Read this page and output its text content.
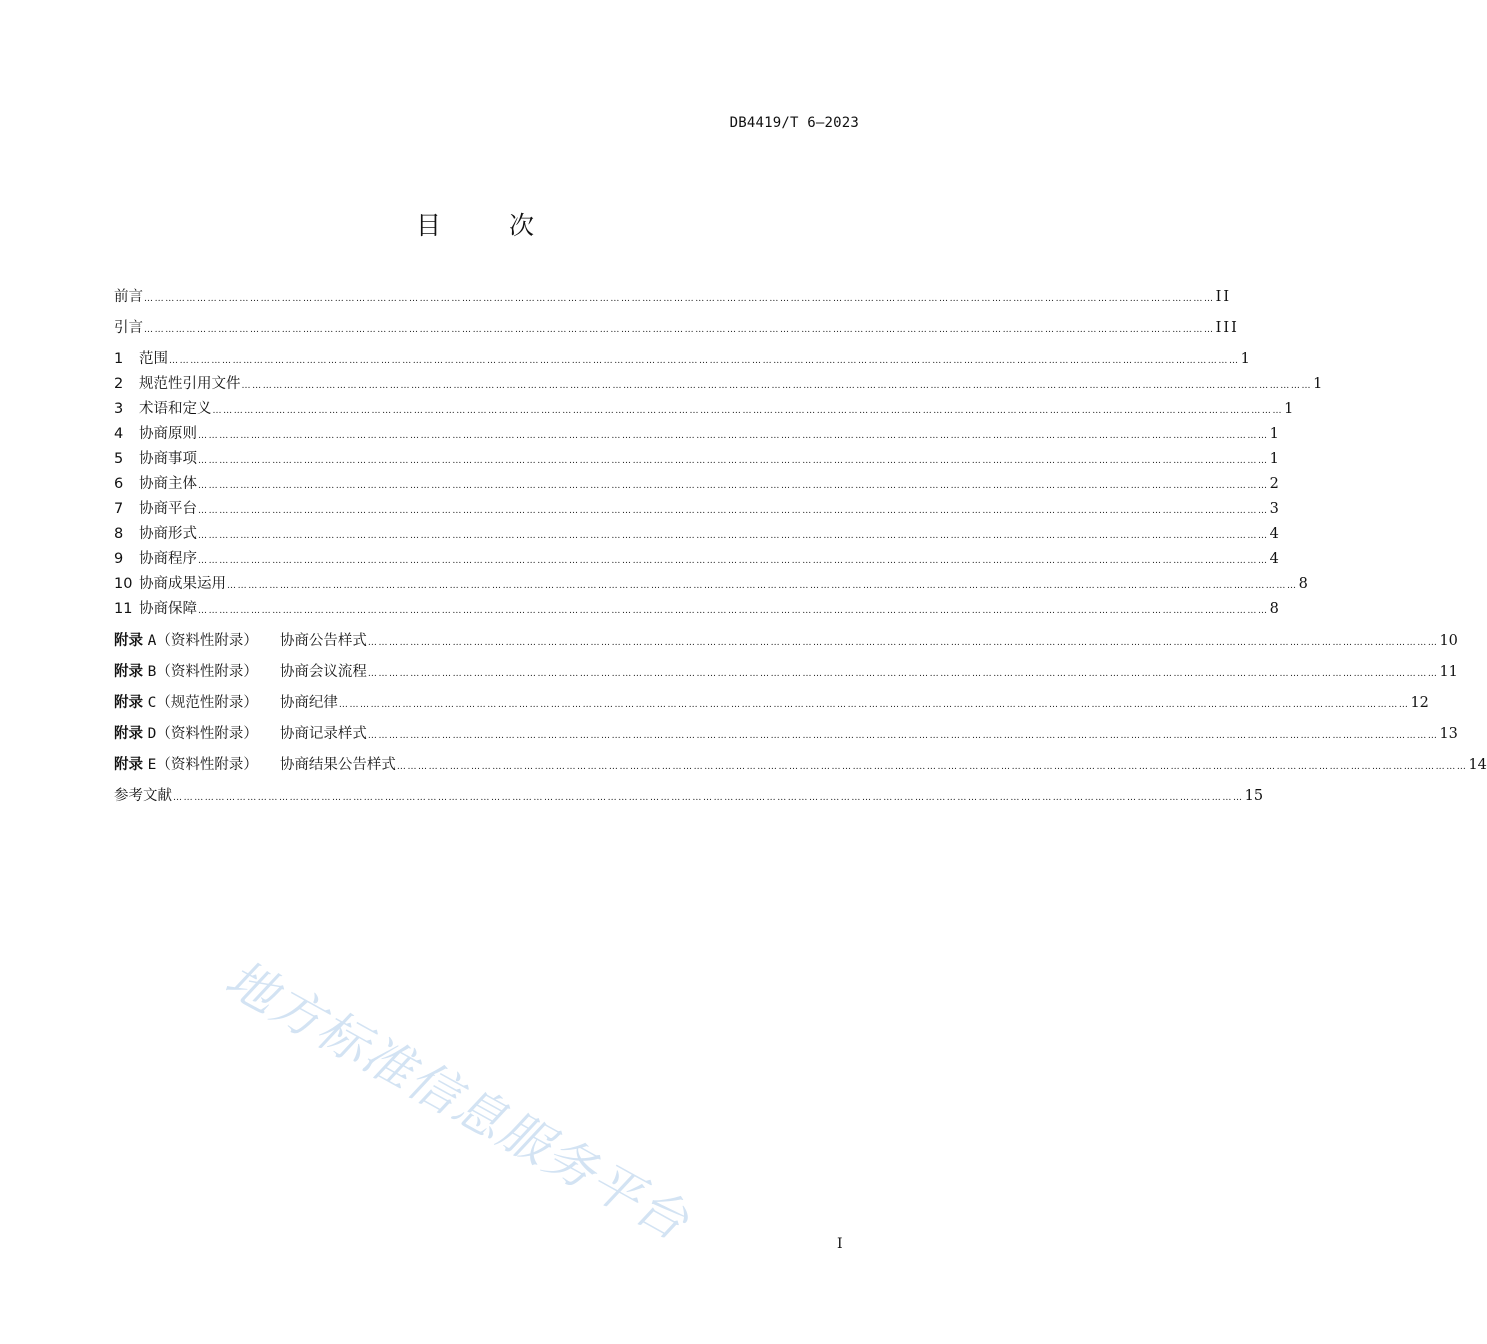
DB4419/T 6—2023
目	次
前言 …………………………………………………………………………………………………………………………………………………………………………………………………………………………………………………………………………… II
引言 …………………………………………………………………………………………………………………………………………………………………………………………………………………………………………………………………………… III
1 范围 …………………………………………………………………………………………………………………………………………………………………………………………………………………………………………………………………………… 1
2 规范性引用文件 …………………………………………………………………………………………………………………………………………………………………………………………………………………………………………………………………………… 1
3 术语和定义 …………………………………………………………………………………………………………………………………………………………………………………………………………………………………………………………………………… 1
4 协商原则 …………………………………………………………………………………………………………………………………………………………………………………………………………………………………………………………………………… 1
5 协商事项 …………………………………………………………………………………………………………………………………………………………………………………………………………………………………………………………………………… 1
6 协商主体 …………………………………………………………………………………………………………………………………………………………………………………………………………………………………………………………………………… 2
7 协商平台 …………………………………………………………………………………………………………………………………………………………………………………………………………………………………………………………………………… 3
8 协商形式 …………………………………………………………………………………………………………………………………………………………………………………………………………………………………………………………………………… 4
9 协商程序 …………………………………………………………………………………………………………………………………………………………………………………………………………………………………………………………………………… 4
10 协商成果运用 …………………………………………………………………………………………………………………………………………………………………………………………………………………………………………………………………………… 8
11 协商保障 …………………………………………………………………………………………………………………………………………………………………………………………………………………………………………………………………………… 8
附录 A（资料性附录） 协商公告样式 …………………………………………………………………………………………………………………………………………………………………………………………………………………………………………………………………………… 10
附录 B（资料性附录） 协商会议流程 …………………………………………………………………………………………………………………………………………………………………………………………………………………………………………………………………………… 11
附录 C（规范性附录） 协商纪律 …………………………………………………………………………………………………………………………………………………………………………………………………………………………………………………………………………… 12
附录 D（资料性附录） 协商记录样式 …………………………………………………………………………………………………………………………………………………………………………………………………………………………………………………………………………… 13
附录 E（资料性附录） 协商结果公告样式 …………………………………………………………………………………………………………………………………………………………………………………………………………………………………………………………………………… 14
参考文献 …………………………………………………………………………………………………………………………………………………………………………………………………………………………………………………………………………… 15
地方标准信息服务平台	I
